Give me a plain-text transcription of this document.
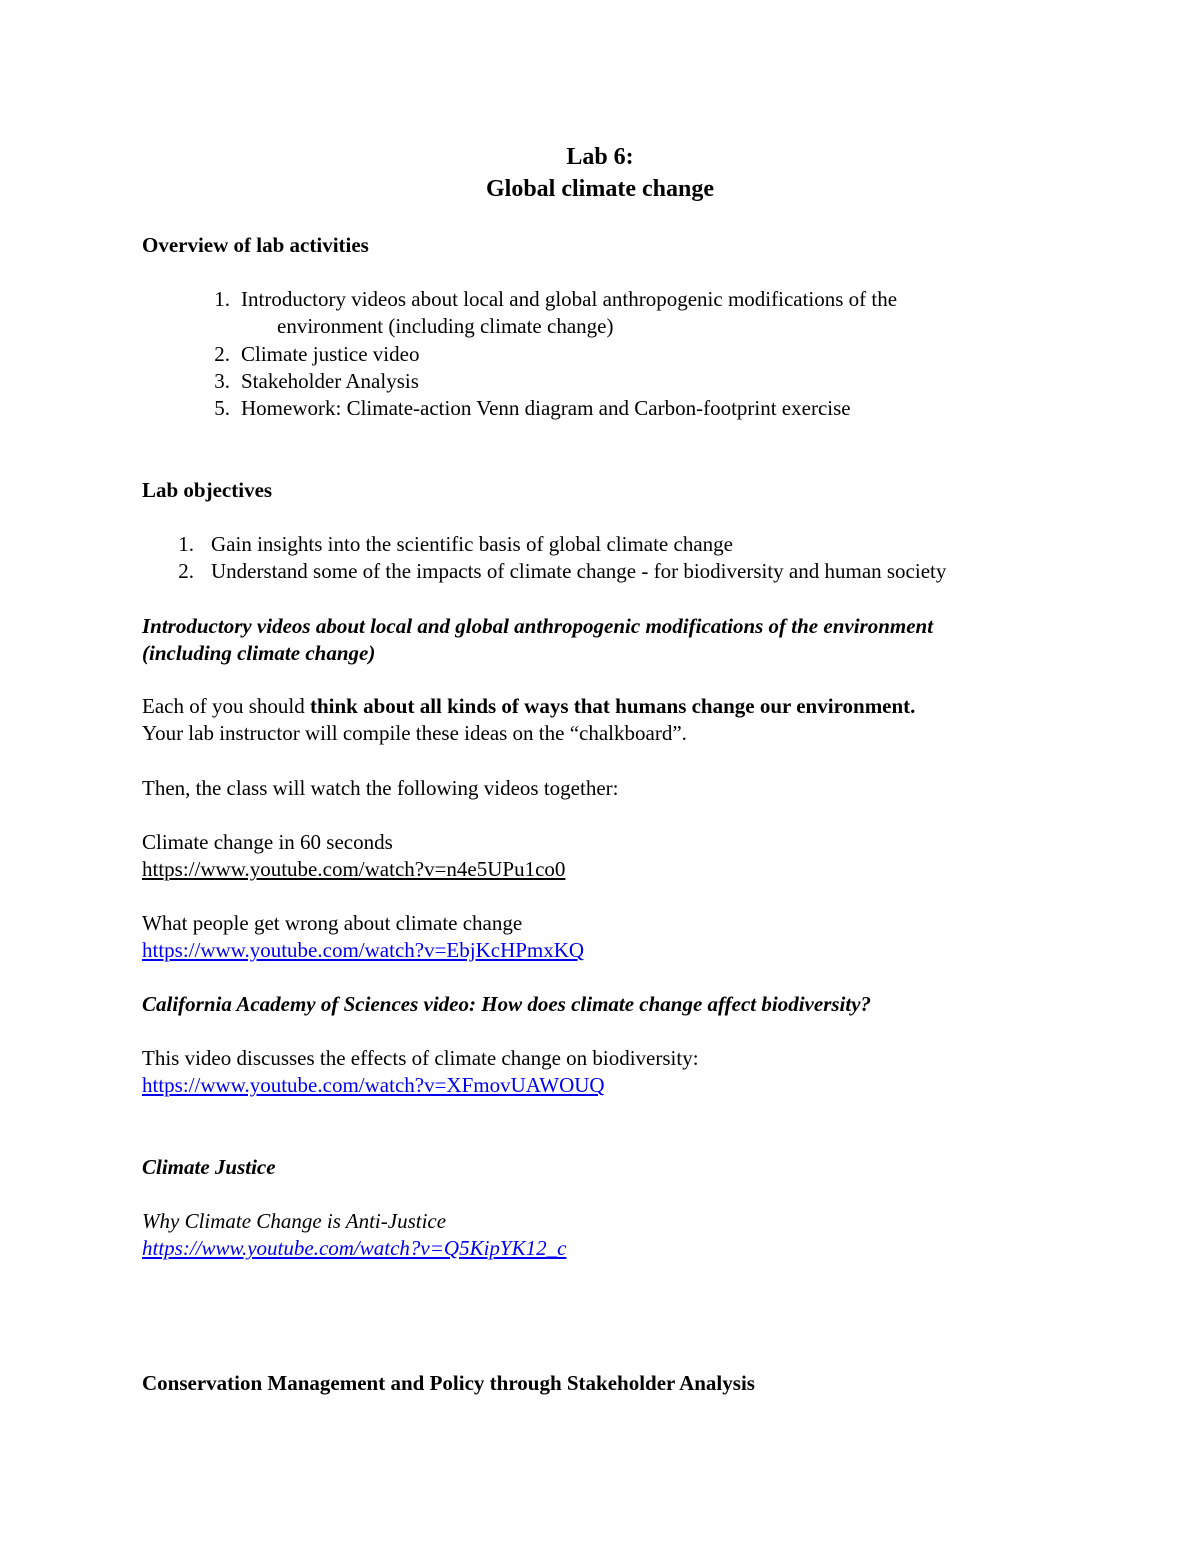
Lab 6:
Global climate change
Overview of lab activities
1. Introductory videos about local and global anthropogenic modifications of the
environment (including climate change)
2. Climate justice video
3. Stakeholder Analysis
5. Homework: Climate-action Venn diagram and Carbon-footprint exercise
Lab objectives
1. Gain insights into the scientific basis of global climate change
2. Understand some of the impacts of climate change - for biodiversity and human society
Introductory videos about local and global anthropogenic modifications of the environment
(including climate change)
Each of you should think about all kinds of ways that humans change our environment.
Your lab instructor will compile these ideas on the “chalkboard”.
Then, the class will watch the following videos together:
Climate change in 60 seconds
https://www.youtube.com/watch?v=n4e5UPu1co0
What people get wrong about climate change
https://www.youtube.com/watch?v=EbjKcHPmxKQ
California Academy of Sciences video: How does climate change affect biodiversity?
This video discusses the effects of climate change on biodiversity:
https://www.youtube.com/watch?v=XFmovUAWOUQ
Climate Justice
Why Climate Change is Anti-Justice
https://www.youtube.com/watch?v=Q5KipYK12_c
Conservation Management and Policy through Stakeholder Analysis
